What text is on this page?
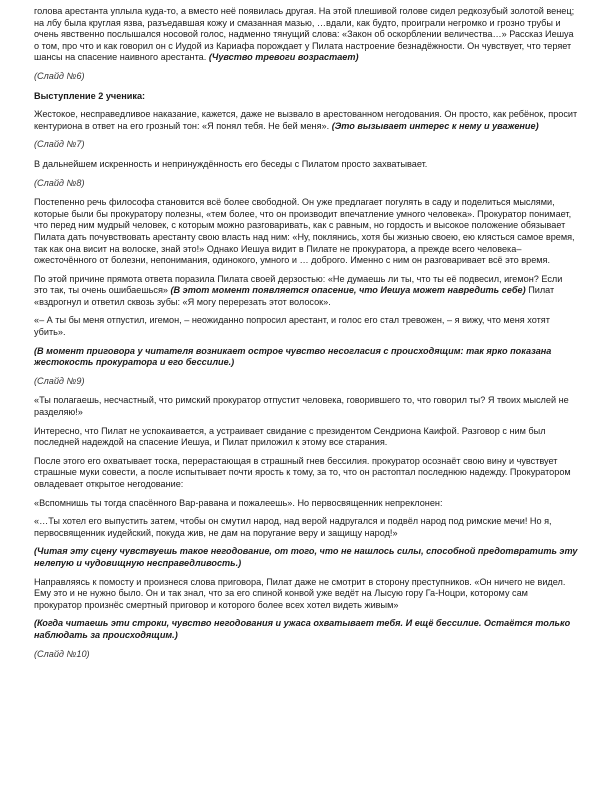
голова арестанта уплыла куда-то, а вместо неё появилась другая. На этой плешивой голове сидел редкозубый золотой венец; на лбу была круглая язва, разъедавшая кожу и смазанная мазью, …вдали, как будто, проиграли негромко и грозно трубы и очень явственно послышался носовой голос, надменно тянущий слова: «Закон об оскорблении величества…» Рассказ Иешуа о том, про что и как говорил он с Иудой из Кариафа порождает у Пилата настроение безнадёжности. Он чувствует, что теряет шансы на спасение наивного арестанта. (Чувство тревоги возрастает)

(Слайд №6)

Выступление 2 ученика:

Жестокое, несправедливое наказание, кажется, даже не вызвало в арестованном негодования. Он просто, как ребёнок, просит кентуриона в ответ на его грозный тон: «Я понял тебя. Не бей меня». (Это вызывает интерес к нему и уважение)

(Слайд №7)

В дальнейшем искренность и непринуждённость его беседы с Пилатом просто захватывает.

(Слайд №8)

Постепенно речь философа становится всё более свободной. Он уже предлагает погулять в саду и поделиться мыслями, которые были бы прокуратору полезны, «тем более, что он производит впечатление умного человека». Прокуратор понимает, что перед ним мудрый человек, с которым можно разговаривать, как с равным, но гордость и высокое положение обязывает Пилата дать почувствовать арестанту свою власть над ним: «Ну, поклянись, хотя бы жизнью своею, ею клясться самое время, так как она висит на волоске, знай это!» Однако Иешуа видит в Пилате не прокуратора, а прежде всего человека– ожесточённого от болезни, непонимания, одинокого, умного и … доброго. Именно с ним он разговаривает всё это время.

По этой причине прямота ответа поразила Пилата своей дерзостью: «Не думаешь ли ты, что ты её подвесил, игемон? Если это так, ты очень ошибаешься» (В этот момент появляется опасение, что Иешуа может навредить себе) Пилат «вздрогнул и ответил сквозь зубы: «Я могу перерезать этот волосок».

«– А ты бы меня отпустил, игемон, – неожиданно попросил арестант, и голос его стал тревожен, – я вижу, что меня хотят убить».

(В момент приговора у читателя возникает острое чувство несогласия с происходящим: так ярко показана жестокость прокуратора и его бессилие.)

(Слайд №9)

«Ты полагаешь, несчастный, что римский прокуратор отпустит человека, говорившего то, что говорил ты? Я твоих мыслей не разделяю!»

Интересно, что Пилат не успокаивается, а устраивает свидание с президентом Сендриона Каифой. Разговор с ним был последней надеждой на спасение Иешуа, и Пилат приложил к этому все старания.

После этого его охватывает тоска, перерастающая в страшный гнев бессилия. прокуратор осознаёт свою вину и чувствует страшные муки совести, а после испытывает почти ярость к тому, за то, что он растоптал последнюю надежду. Прокуратором овладевает открытое негодование:

«Вспомнишь ты тогда спасённого Вар-равана и пожалеешь». Но первосвященник непреклонен:

«…Ты хотел его выпустить затем, чтобы он смутил народ, над верой надругался и подвёл народ под римские мечи! Но я, первосвященник иудейский, покуда жив, не дам на поругание веру и защищу народ!»

(Читая эту сцену чувствуешь такое негодование, от того, что не нашлось силы, способной предотвратить эту нелепую и чудовищную несправедливость.)

Направляясь к помосту и произнеся слова приговора, Пилат даже не смотрит в сторону преступников. «Он ничего не видел. Ему это и не нужно было. Он и так знал, что за его спиной конвой уже ведёт на Лысую гору Га-Ноцри, которому сам прокуратор произнёс смертный приговор и которого более всех хотел видеть живым»

(Когда читаешь эти строки, чувство негодования и ужаса охватывает тебя. И ещё бессилие. Остаётся только наблюдать за происходящим.)

(Слайд №10)
